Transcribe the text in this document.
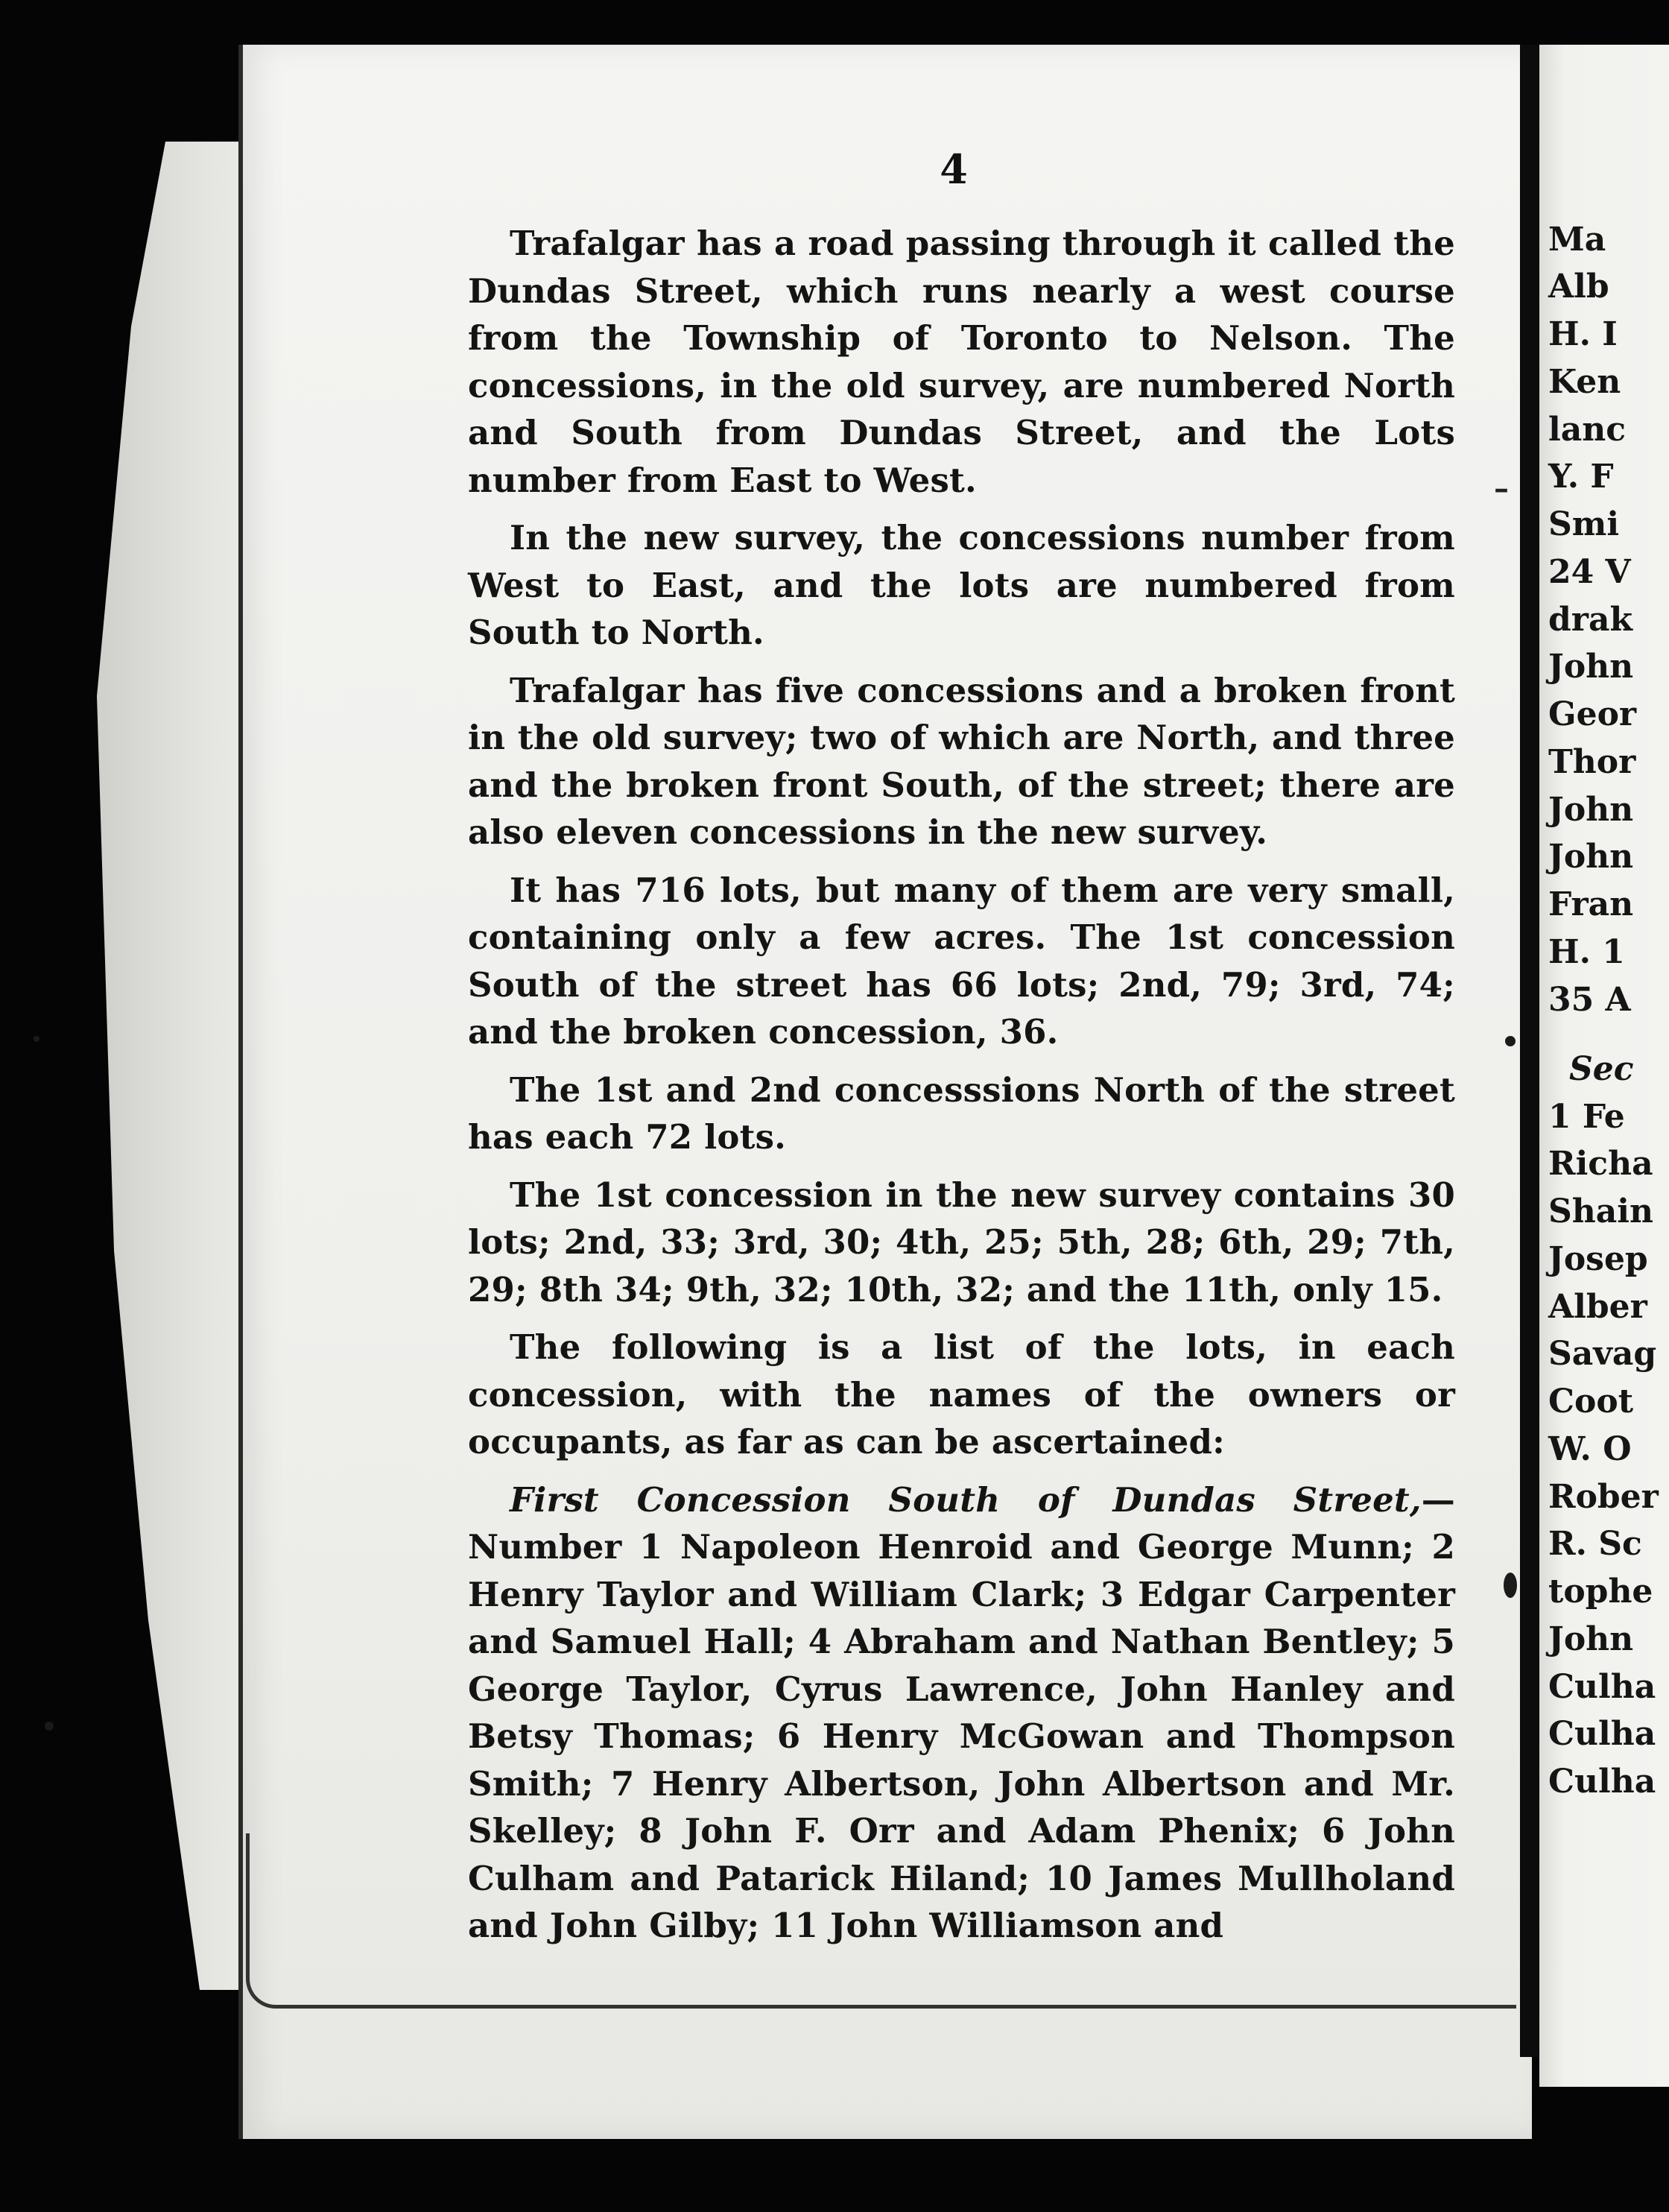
Ma
Alb
H. I
Ken
lanc
Y. F
Smi
24 V
drak
John
Geor
Thor
John
John
Fran
H. 1
35 A
Sec
1 Fe
Richa
Shain
Josep
Alber
Savag
Coot
W. O
Rober
R. Sc
tophe
John
Culha
Culha
Culha
4

Trafalgar has a road passing through it called the Dundas Street, which runs nearly a west course from the Township of Toronto to Nelson. The concessions, in the old survey, are numbered North and South from Dundas Street, and the Lots number from East to West.

In the new survey, the concessions number from West to East, and the lots are numbered from South to North.

Trafalgar has five concessions and a broken front in the old survey; two of which are North, and three and the broken front South, of the street; there are also eleven concessions in the new survey.

It has 716 lots, but many of them are very small, containing only a few acres. The 1st concession South of the street has 66 lots; 2nd, 79; 3rd, 74; and the broken concession, 36.

The 1st and 2nd concesssions North of the street has each 72 lots.

The 1st concession in the new survey contains 30 lots; 2nd, 33; 3rd, 30; 4th, 25; 5th, 28; 6th, 29; 7th, 29; 8th 34; 9th, 32; 10th, 32; and the 11th, only 15.

The following is a list of the lots, in each concession, with the names of the owners or occupants, as far as can be ascertained:

First Concession South of Dundas Street,—Number 1 Napoleon Henroid and George Munn; 2 Henry Taylor and William Clark; 3 Edgar Carpenter and Samuel Hall; 4 Abraham and Nathan Bentley; 5 George Taylor, Cyrus Lawrence, John Hanley and Betsy Thomas; 6 Henry McGowan and Thompson Smith; 7 Henry Albertson, John Albertson and Mr. Skelley; 8 John F. Orr and Adam Phenix; 6 John Culham and Patarick Hiland; 10 James Mullholand and John Gilby; 11 John Williamson and

–
